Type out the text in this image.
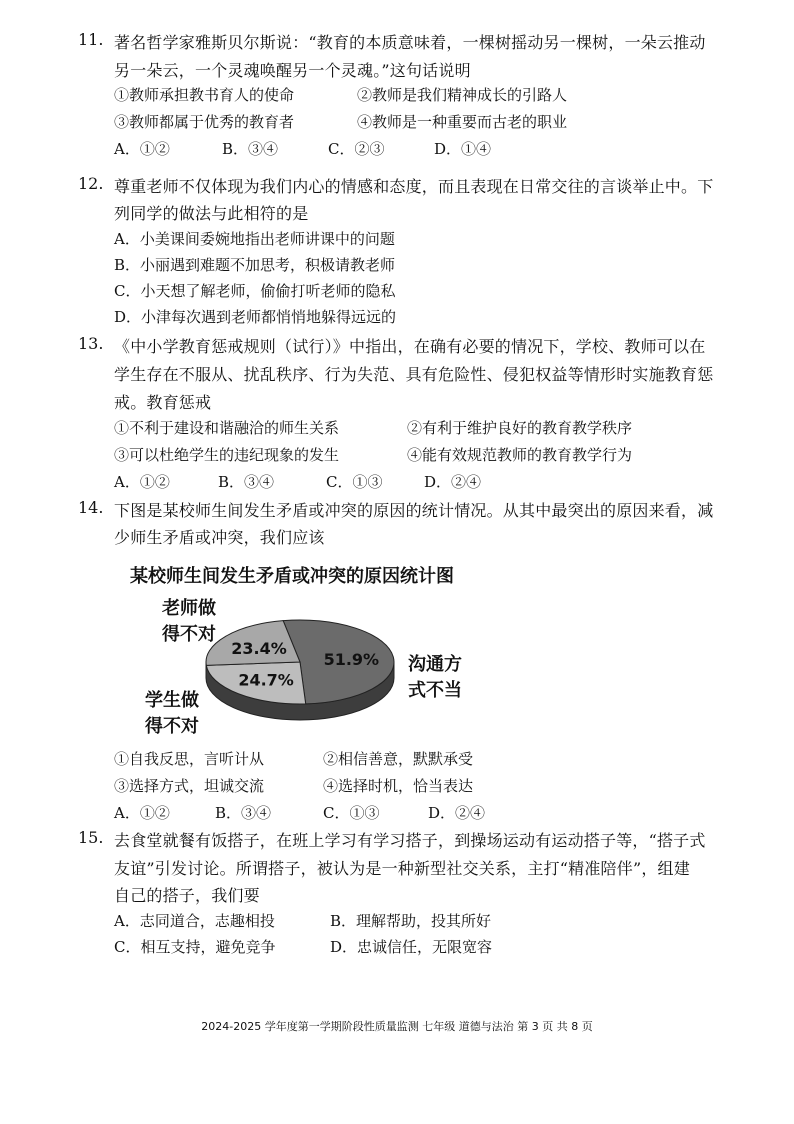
11. 著名哲学家雅斯贝尔斯说：“教育的本质意味着，一棵树摇动另一棵树，一朵云推动
另一朵云，一个灵魂唤醒另一个灵魂。”这句话说明
①教师承担教书育人的使命	②教师是我们精神成长的引路人
③教师都属于优秀的教育者	④教师是一种重要而古老的职业
A．①②	B．③④	C．②③	D．①④
12. 尊重老师不仅体现为我们内心的情感和态度，而且表现在日常交往的言谈举止中。下
列同学的做法与此相符的是
A．小美课间委婉地指出老师讲课中的问题
B．小丽遇到难题不加思考，积极请教老师
C．小天想了解老师，偷偷打听老师的隐私
D．小津每次遇到老师都悄悄地躲得远远的
13. 《中小学教育惩戒规则（试行）》中指出，在确有必要的情况下，学校、教师可以在
学生存在不服从、扰乱秩序、行为失范、具有危险性、侵犯权益等情形时实施教育惩
戒。教育惩戒
①不利于建设和谐融洽的师生关系	②有利于维护良好的教育教学秩序
③可以杜绝学生的违纪现象的发生	④能有效规范教师的教育教学行为
A．①②	B．③④	C．①③	D．②④
14. 下图是某校师生间发生矛盾或冲突的原因的统计情况。从其中最突出的原因来看，减
少师生矛盾或冲突，我们应该
某校师生间发生矛盾或冲突的原因统计图
51.9%
24.7%
23.4%
老师做
得不对
沟通方
式不当
学生做
得不对
①自我反思，言听计从	②相信善意，默默承受
③选择方式，坦诚交流	④选择时机，恰当表达
A．①②	B．③④	C．①③	D．②④
15. 去食堂就餐有饭搭子，在班上学习有学习搭子，到操场运动有运动搭子等，“搭子式
友谊”引发讨论。所谓搭子，被认为是一种新型社交关系，主打“精准陪伴”，组建
自己的搭子，我们要
A．志同道合，志趣相投	B．理解帮助，投其所好
C．相互支持，避免竞争	D．忠诚信任，无限宽容
2024-2025 学年度第一学期阶段性质量监测 七年级 道德与法治 第 3 页 共 8 页
